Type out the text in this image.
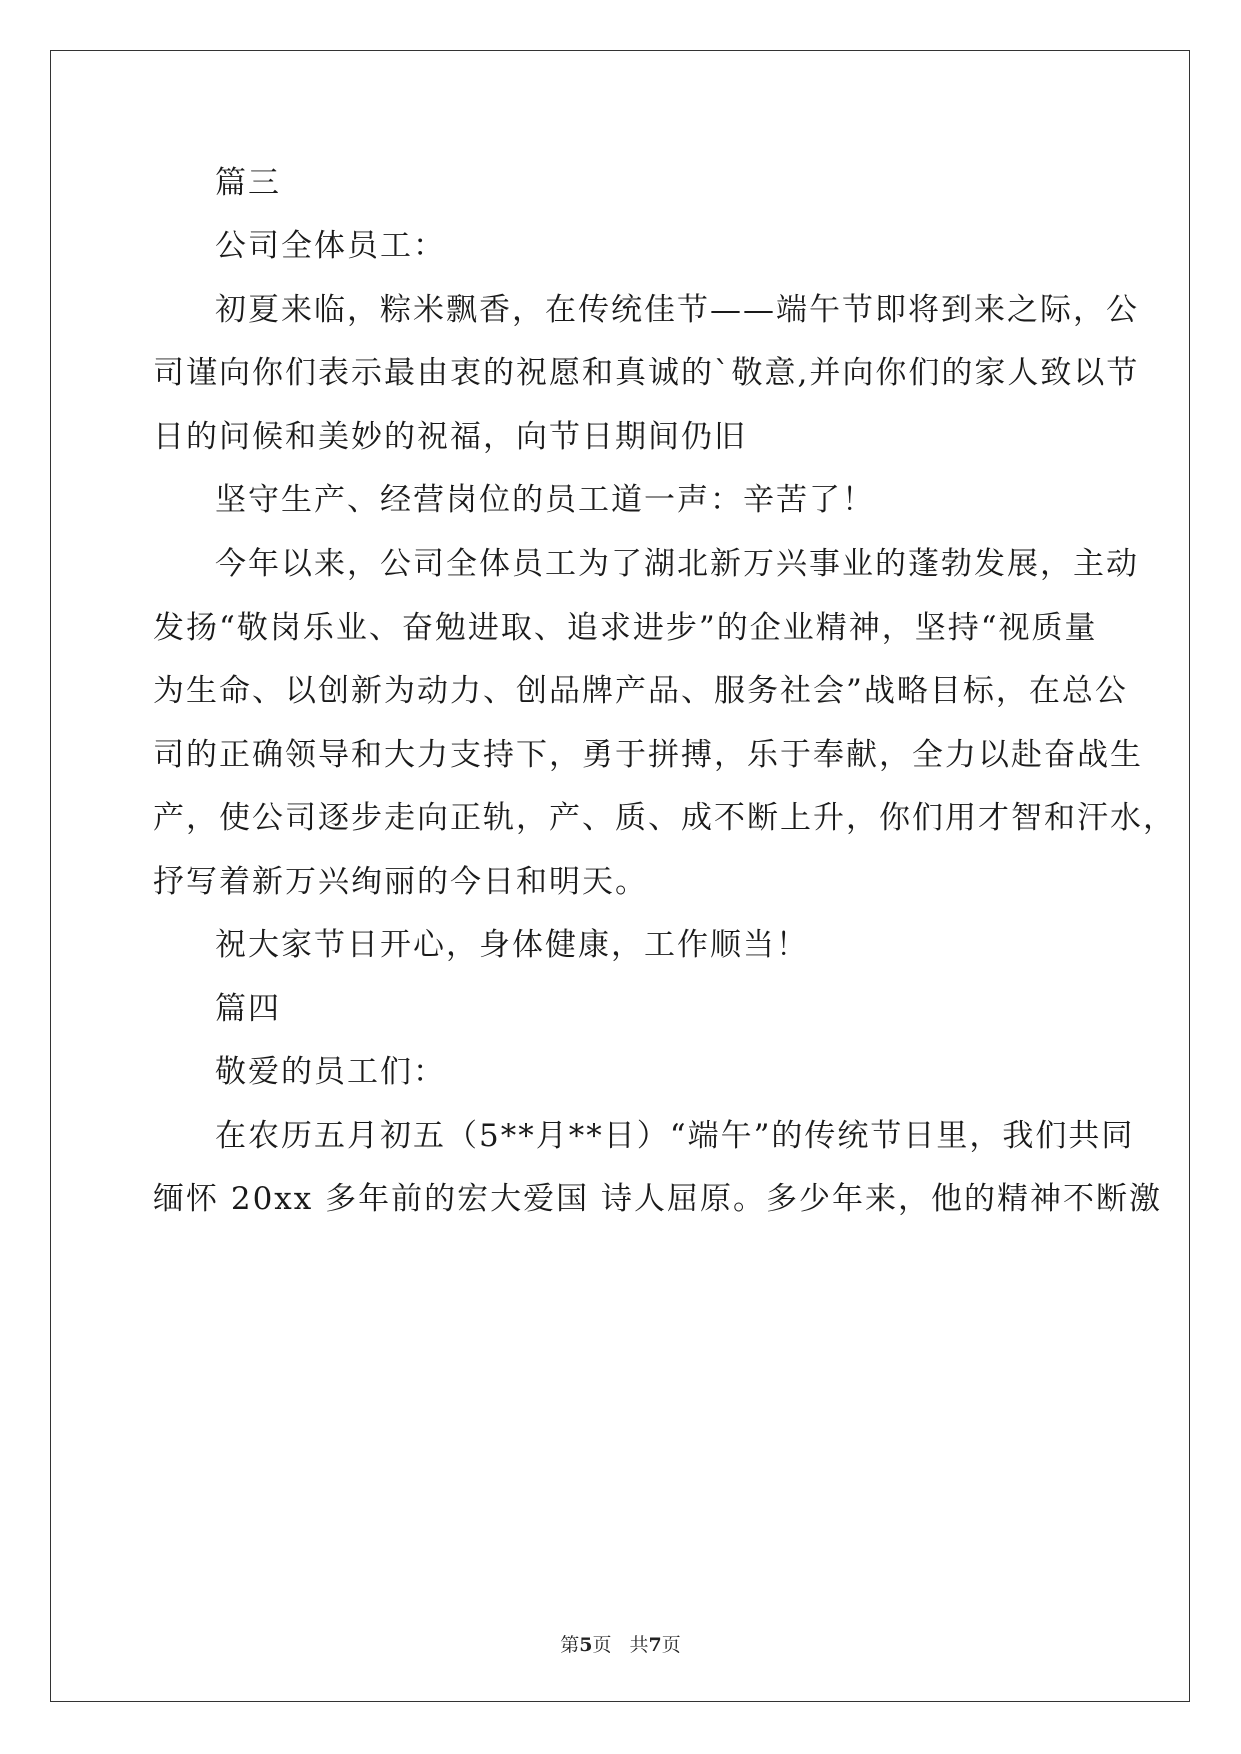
篇三
公司全体员工：
初夏来临，粽米飘香，在传统佳节——端午节即将到来之际，公
司谨向你们表示最由衷的祝愿和真诚的`敬意,并向你们的家人致以节
日的问候和美妙的祝福，向节日期间仍旧
坚守生产、经营岗位的员工道一声：辛苦了！
今年以来，公司全体员工为了湖北新万兴事业的蓬勃发展，主动
发扬“敬岗乐业、奋勉进取、追求进步”的企业精神，坚持“视质量
为生命、以创新为动力、创品牌产品、服务社会”战略目标，在总公
司的正确领导和大力支持下，勇于拼搏，乐于奉献，全力以赴奋战生
产，使公司逐步走向正轨，产、质、成不断上升，你们用才智和汗水，
抒写着新万兴绚丽的今日和明天。
祝大家节日开心，身体健康，工作顺当！
篇四
敬爱的员工们：
在农历五月初五（5**月**日）“端午”的传统节日里，我们共同
缅怀 20xx 多年前的宏大爱国 诗人屈原。多少年来，他的精神不断激
第5页 共7页
